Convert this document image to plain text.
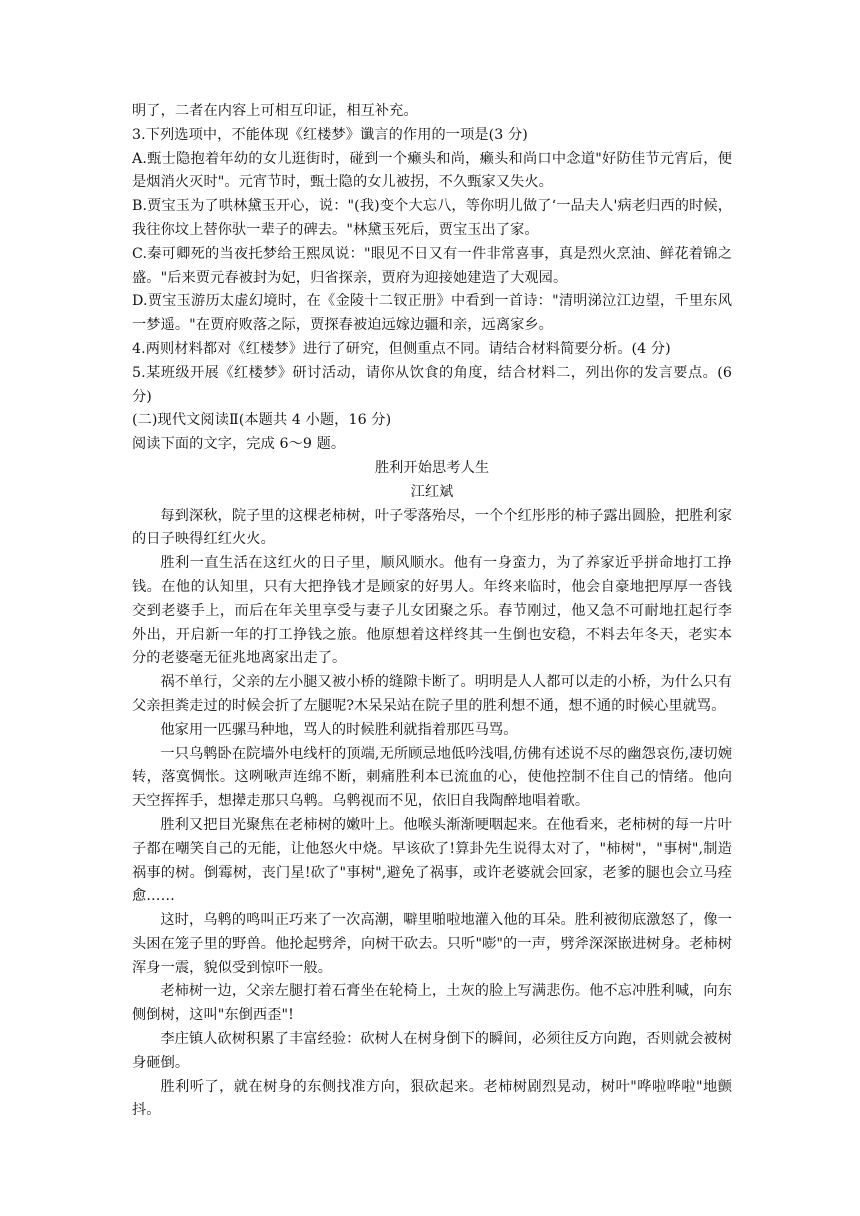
明了，二者在内容上可相互印证，相互补充。

3.下列选项中，不能体现《红楼梦》谶言的作用的一项是(3 分)

A.甄士隐抱着年幼的女儿逛街时，碰到一个癞头和尚，癞头和尚口中念道"好防佳节元宵后，便是烟消火灭时"。元宵节时，甄士隐的女儿被拐，不久甄家又失火。

B.贾宝玉为了哄林黛玉开心，说："(我)变个大忘八，等你明儿做了‘一品夫人'病老归西的时候，我往你坟上替你驮一辈子的碑去。"林黛玉死后，贾宝玉出了家。

C.秦可卿死的当夜托梦给王熙凤说："眼见不日又有一件非常喜事，真是烈火烹油、鲜花着锦之盛。"后来贾元春被封为妃，归省探亲，贾府为迎接她建造了大观园。

D.贾宝玉游历太虚幻境时，在《金陵十二钗正册》中看到一首诗："清明涕泣江边望，千里东风一梦遥。"在贾府败落之际，贾探春被迫远嫁边疆和亲，远离家乡。

4.两则材料都对《红楼梦》进行了研究，但侧重点不同。请结合材料简要分析。(4 分)

5.某班级开展《红楼梦》研讨活动，请你从饮食的角度，结合材料二，列出你的发言要点。(6 分)

(二)现代文阅读Ⅱ(本题共 4 小题，16 分)

阅读下面的文字，完成 6～9 题。

胜利开始思考人生

江红斌

每到深秋，院子里的这棵老柿树，叶子零落殆尽，一个个红彤彤的柿子露出圆脸，把胜利家的日子映得红红火火。

胜利一直生活在这红火的日子里，顺风顺水。他有一身蛮力，为了养家近乎拼命地打工挣钱。在他的认知里，只有大把挣钱才是顾家的好男人。年终来临时，他会自豪地把厚厚一沓钱交到老婆手上，而后在年关里享受与妻子儿女团聚之乐。春节刚过，他又急不可耐地扛起行李外出，开启新一年的打工挣钱之旅。他原想着这样终其一生倒也安稳，不料去年冬天，老实本分的老婆毫无征兆地离家出走了。

祸不单行，父亲的左小腿又被小桥的缝隙卡断了。明明是人人都可以走的小桥，为什么只有父亲担粪走过的时候会折了左腿呢?木呆呆站在院子里的胜利想不通，想不通的时候心里就骂。

他家用一匹骡马种地，骂人的时候胜利就指着那匹马骂。

一只乌鹎卧在院墙外电线杆的顶端,无所顾忌地低吟浅唱,仿佛有述说不尽的幽怨哀伤,凄切婉转，落寞惆怅。这咧啾声连绵不断，刺痛胜利本已流血的心，使他控制不住自己的情绪。他向天空挥挥手，想撵走那只乌鹎。乌鹎视而不见，依旧自我陶醉地唱着歌。

胜利又把目光聚焦在老柿树的嫩叶上。他喉头渐渐哽咽起来。在他看来，老柿树的每一片叶子都在嘲笑自己的无能，让他怒火中烧。早该砍了!算卦先生说得太对了，"柿树"，"事树",制造祸事的树。倒霉树，丧门星!砍了"事树",避免了祸事，或许老婆就会回家，老爹的腿也会立马痊愈……

这时，乌鹎的鸣叫正巧来了一次高潮，噼里啪啦地灌入他的耳朵。胜利被彻底激怒了，像一头困在笼子里的野兽。他抡起劈斧，向树干砍去。只听"嘭"的一声，劈斧深深嵌进树身。老柿树浑身一震，貌似受到惊吓一般。

老柿树一边，父亲左腿打着石膏坐在轮椅上，土灰的脸上写满悲伤。他不忘冲胜利喊，向东侧倒树，这叫"东倒西歪"!

李庄镇人砍树积累了丰富经验：砍树人在树身倒下的瞬间，必须往反方向跑，否则就会被树身砸倒。

胜利听了，就在树身的东侧找准方向，狠砍起来。老柿树剧烈晃动，树叶"哗啦哗啦"地颤抖。
